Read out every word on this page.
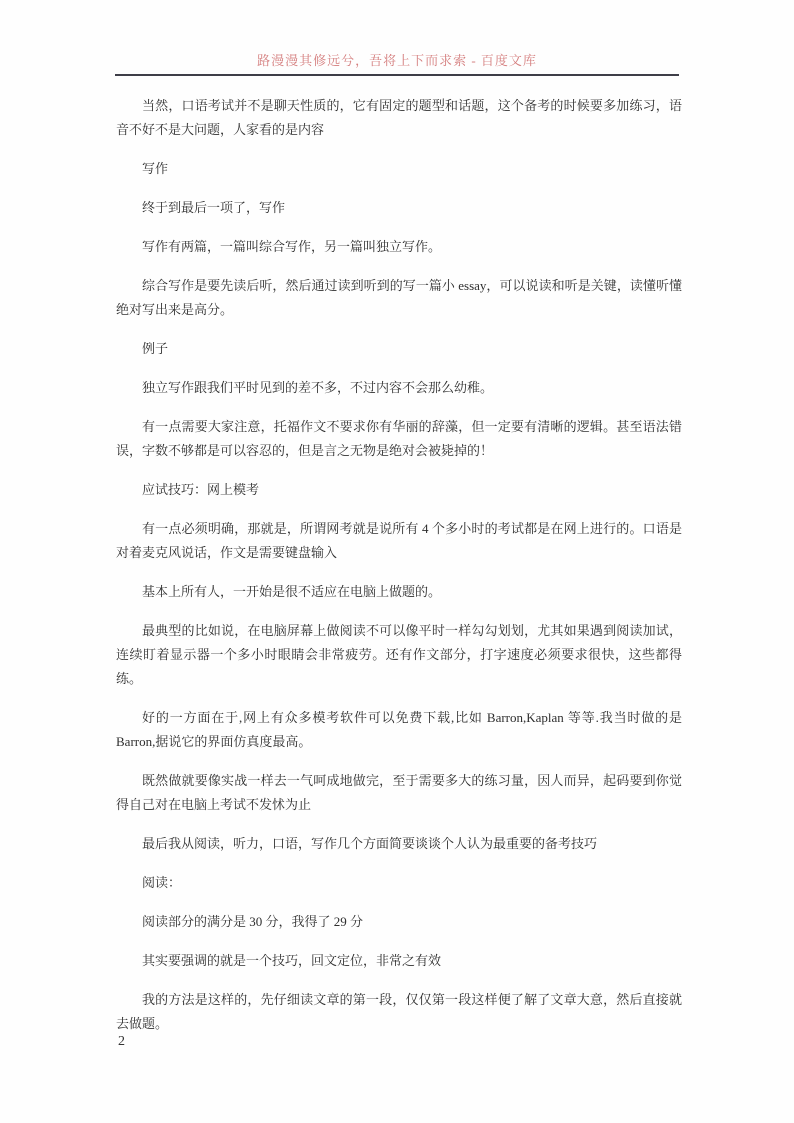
路漫漫其修远兮，吾将上下而求索 - 百度文库

当然，口语考试并不是聊天性质的，它有固定的题型和话题，这个备考的时候要多加练习，语音不好不是大问题，人家看的是内容

写作

终于到最后一项了，写作

写作有两篇，一篇叫综合写作，另一篇叫独立写作。

综合写作是要先读后听，然后通过读到听到的写一篇小 essay，可以说读和听是关键，读懂听懂绝对写出来是高分。

例子

独立写作跟我们平时见到的差不多，不过内容不会那么幼稚。

有一点需要大家注意，托福作文不要求你有华丽的辞藻，但一定要有清晰的逻辑。甚至语法错误，字数不够都是可以容忍的，但是言之无物是绝对会被毙掉的！

应试技巧：网上模考

有一点必须明确，那就是，所谓网考就是说所有 4 个多小时的考试都是在网上进行的。口语是对着麦克风说话，作文是需要键盘输入

基本上所有人，一开始是很不适应在电脑上做题的。

最典型的比如说，在电脑屏幕上做阅读不可以像平时一样勾勾划划，尤其如果遇到阅读加试，连续盯着显示器一个多小时眼睛会非常疲劳。还有作文部分，打字速度必须要求很快，这些都得练。

好的一方面在于,网上有众多模考软件可以免费下载,比如 Barron,Kaplan 等等.我当时做的是 Barron,据说它的界面仿真度最高。

既然做就要像实战一样去一气呵成地做完，至于需要多大的练习量，因人而异，起码要到你觉得自己对在电脑上考试不发怵为止

最后我从阅读，听力，口语，写作几个方面简要谈谈个人认为最重要的备考技巧

阅读：

阅读部分的满分是 30 分，我得了 29 分

其实要强调的就是一个技巧，回文定位，非常之有效

我的方法是这样的，先仔细读文章的第一段，仅仅第一段这样便了解了文章大意，然后直接就去做题。

2
